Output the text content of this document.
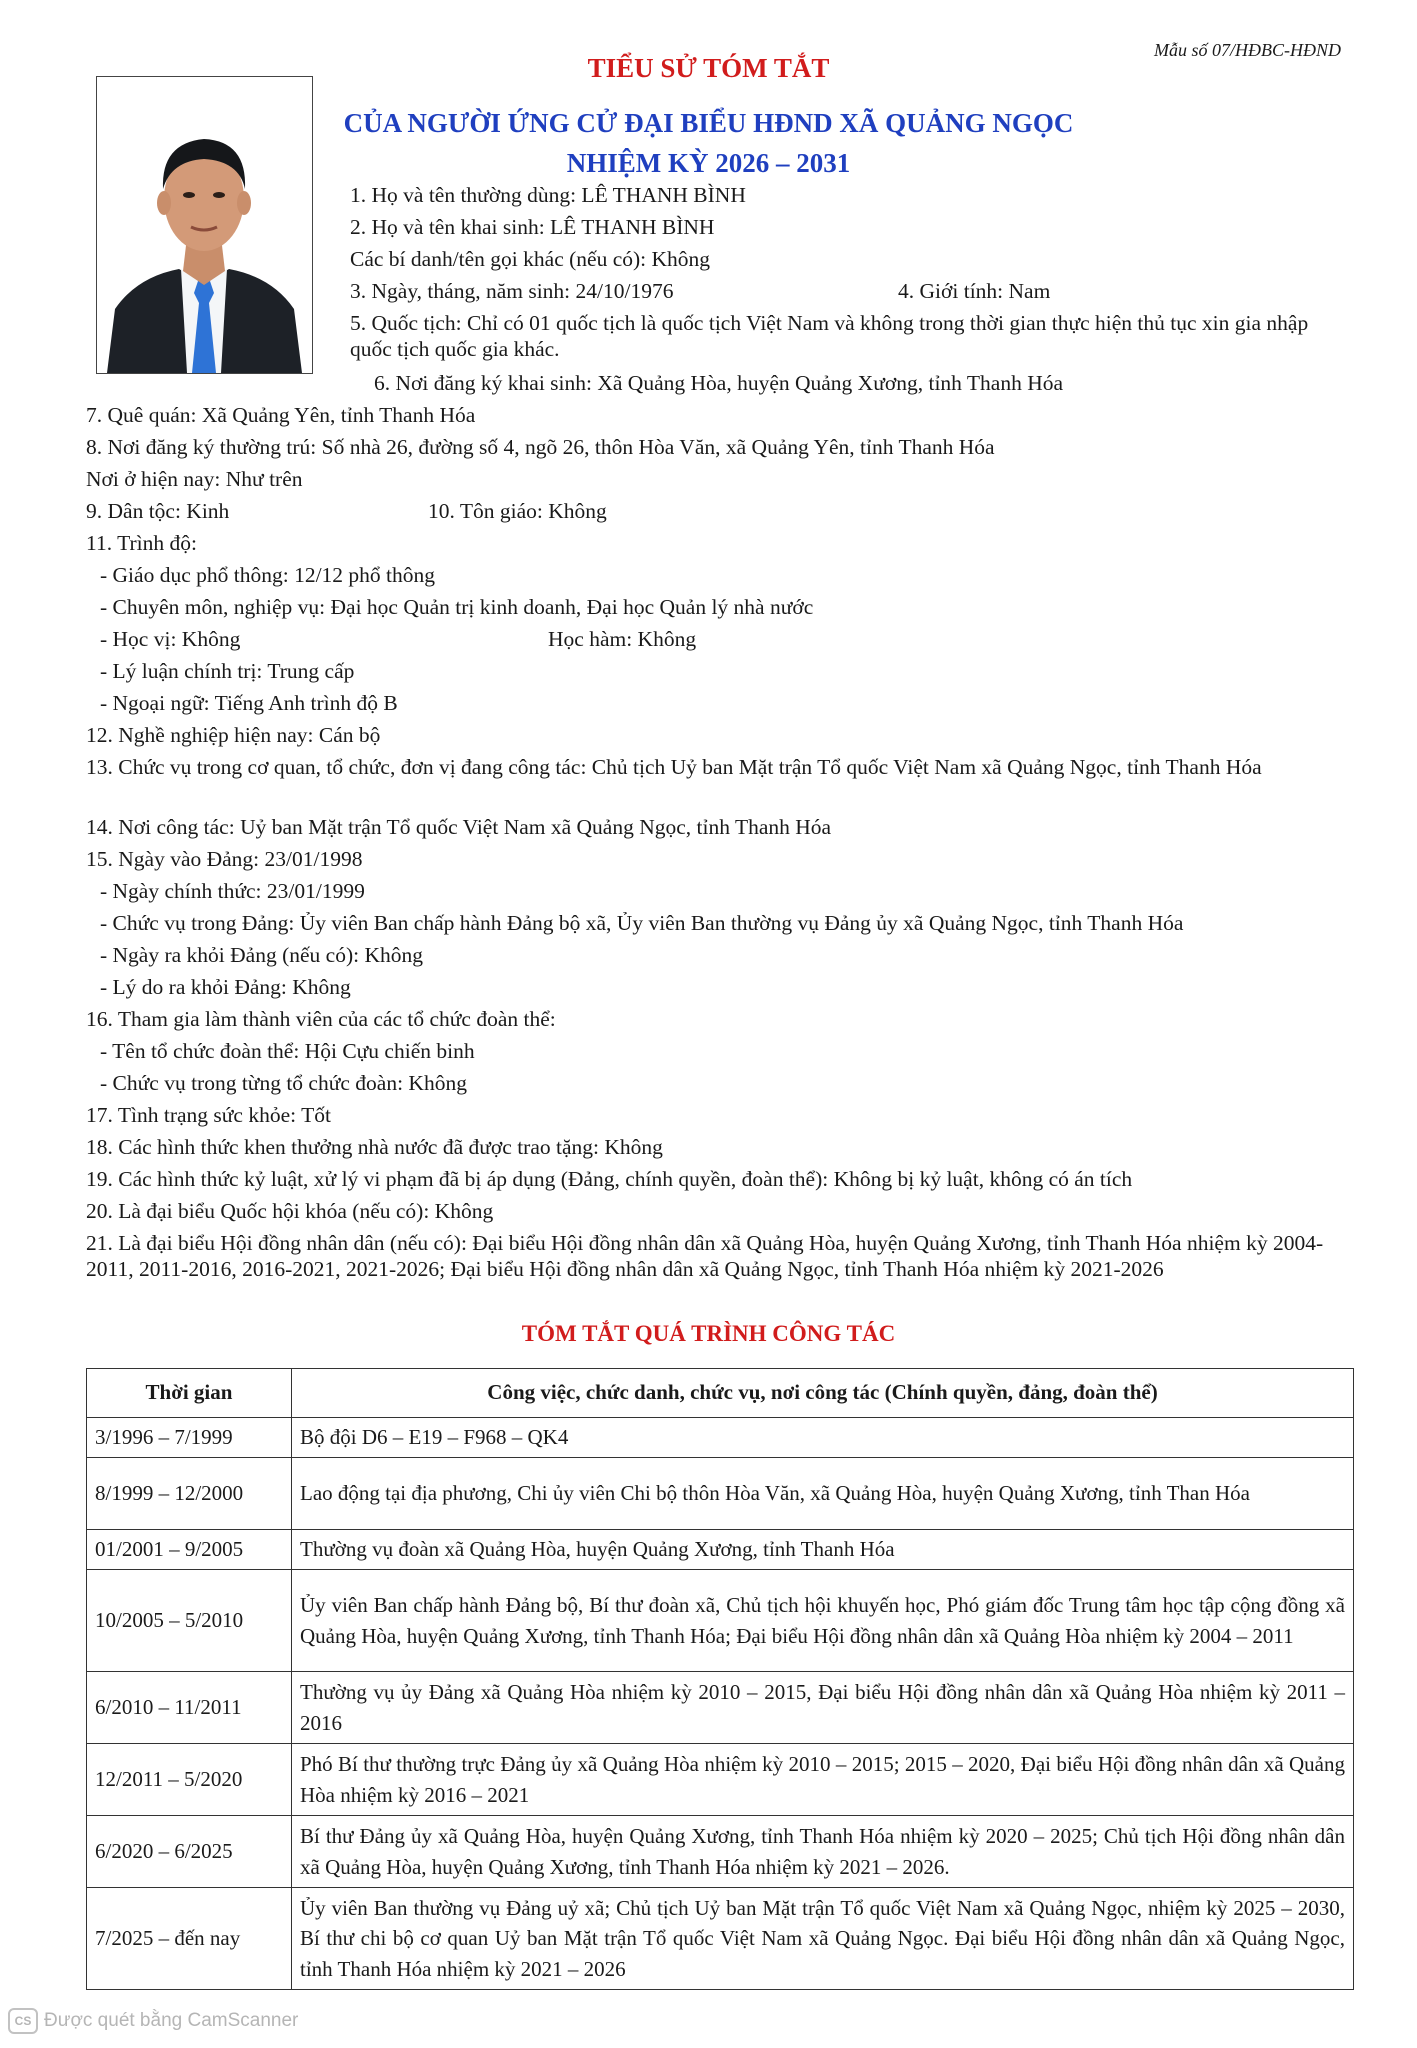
Mẫu số 07/HĐBC-HĐND
TIỂU SỬ TÓM TẮT
CỦA NGƯỜI ỨNG CỬ ĐẠI BIỂU HĐND XÃ QUẢNG NGỌC
NHIỆM KỲ 2026 – 2031
1. Họ và tên thường dùng: LÊ THANH BÌNH
2. Họ và tên khai sinh: LÊ THANH BÌNH
Các bí danh/tên gọi khác (nếu có): Không
3. Ngày, tháng, năm sinh: 24/10/1976	4. Giới tính: Nam
5. Quốc tịch: Chỉ có 01 quốc tịch là quốc tịch Việt Nam và không trong thời gian thực hiện thủ tục xin gia nhập quốc tịch quốc gia khác.
6. Nơi đăng ký khai sinh: Xã Quảng Hòa, huyện Quảng Xương, tỉnh Thanh Hóa
7. Quê quán: Xã Quảng Yên, tỉnh Thanh Hóa
8. Nơi đăng ký thường trú: Số nhà 26, đường số 4, ngõ 26, thôn Hòa Văn, xã Quảng Yên, tỉnh Thanh Hóa
Nơi ở hiện nay: Như trên
9. Dân tộc: Kinh	10. Tôn giáo: Không
11. Trình độ:
- Giáo dục phổ thông: 12/12 phổ thông
- Chuyên môn, nghiệp vụ: Đại học Quản trị kinh doanh, Đại học Quản lý nhà nước
- Học vị: Không	Học hàm: Không
- Lý luận chính trị: Trung cấp
- Ngoại ngữ: Tiếng Anh trình độ B
12. Nghề nghiệp hiện nay: Cán bộ
13. Chức vụ trong cơ quan, tổ chức, đơn vị đang công tác: Chủ tịch Uỷ ban Mặt trận Tổ quốc Việt Nam xã Quảng Ngọc, tỉnh Thanh Hóa
14. Nơi công tác: Uỷ ban Mặt trận Tổ quốc Việt Nam xã Quảng Ngọc, tỉnh Thanh Hóa
15. Ngày vào Đảng: 23/01/1998
- Ngày chính thức: 23/01/1999
- Chức vụ trong Đảng: Ủy viên Ban chấp hành Đảng bộ xã, Ủy viên Ban thường vụ Đảng ủy xã Quảng Ngọc, tỉnh Thanh Hóa
- Ngày ra khỏi Đảng (nếu có): Không
- Lý do ra khỏi Đảng: Không
16. Tham gia làm thành viên của các tổ chức đoàn thể:
- Tên tổ chức đoàn thể: Hội Cựu chiến binh
- Chức vụ trong từng tổ chức đoàn: Không
17. Tình trạng sức khỏe: Tốt
18. Các hình thức khen thưởng nhà nước đã được trao tặng: Không
19. Các hình thức kỷ luật, xử lý vi phạm đã bị áp dụng (Đảng, chính quyền, đoàn thể): Không bị kỷ luật, không có án tích
20. Là đại biểu Quốc hội khóa (nếu có): Không
21. Là đại biểu Hội đồng nhân dân (nếu có): Đại biểu Hội đồng nhân dân xã Quảng Hòa, huyện Quảng Xương, tỉnh Thanh Hóa nhiệm kỳ 2004-2011, 2011-2016, 2016-2021, 2021-2026; Đại biểu Hội đồng nhân dân xã Quảng Ngọc, tỉnh Thanh Hóa nhiệm kỳ 2021-2026
TÓM TẮT QUÁ TRÌNH CÔNG TÁC
Thời gian	Công việc, chức danh, chức vụ, nơi công tác (Chính quyền, đảng, đoàn thể)
3/1996 – 7/1999	Bộ đội D6 – E19 – F968 – QK4
8/1999 – 12/2000	Lao động tại địa phương, Chi ủy viên Chi bộ thôn Hòa Văn, xã Quảng Hòa, huyện Quảng Xương, tỉnh Than Hóa
01/2001 – 9/2005	Thường vụ đoàn xã Quảng Hòa, huyện Quảng Xương, tỉnh Thanh Hóa
10/2005 – 5/2010	Ủy viên Ban chấp hành Đảng bộ, Bí thư đoàn xã, Chủ tịch hội khuyến học, Phó giám đốc Trung tâm học tập cộng đồng xã Quảng Hòa, huyện Quảng Xương, tỉnh Thanh Hóa; Đại biểu Hội đồng nhân dân xã Quảng Hòa nhiệm kỳ 2004 – 2011
6/2010 – 11/2011	Thường vụ ủy Đảng xã Quảng Hòa nhiệm kỳ 2010 – 2015, Đại biểu Hội đồng nhân dân xã Quảng Hòa nhiệm kỳ 2011 – 2016
12/2011 – 5/2020	Phó Bí thư thường trực Đảng ủy xã Quảng Hòa nhiệm kỳ 2010 – 2015; 2015 – 2020, Đại biểu Hội đồng nhân dân xã Quảng Hòa nhiệm kỳ 2016 – 2021
6/2020 – 6/2025	Bí thư Đảng ủy xã Quảng Hòa, huyện Quảng Xương, tỉnh Thanh Hóa nhiệm kỳ 2020 – 2025; Chủ tịch Hội đồng nhân dân xã Quảng Hòa, huyện Quảng Xương, tỉnh Thanh Hóa nhiệm kỳ 2021 – 2026.
7/2025 – đến nay	Ủy viên Ban thường vụ Đảng uỷ xã; Chủ tịch Uỷ ban Mặt trận Tổ quốc Việt Nam xã Quảng Ngọc, nhiệm kỳ 2025 – 2030, Bí thư chi bộ cơ quan Uỷ ban Mặt trận Tổ quốc Việt Nam xã Quảng Ngọc. Đại biểu Hội đồng nhân dân xã Quảng Ngọc, tỉnh Thanh Hóa nhiệm kỳ 2021 – 2026
CS Được quét bằng CamScanner
